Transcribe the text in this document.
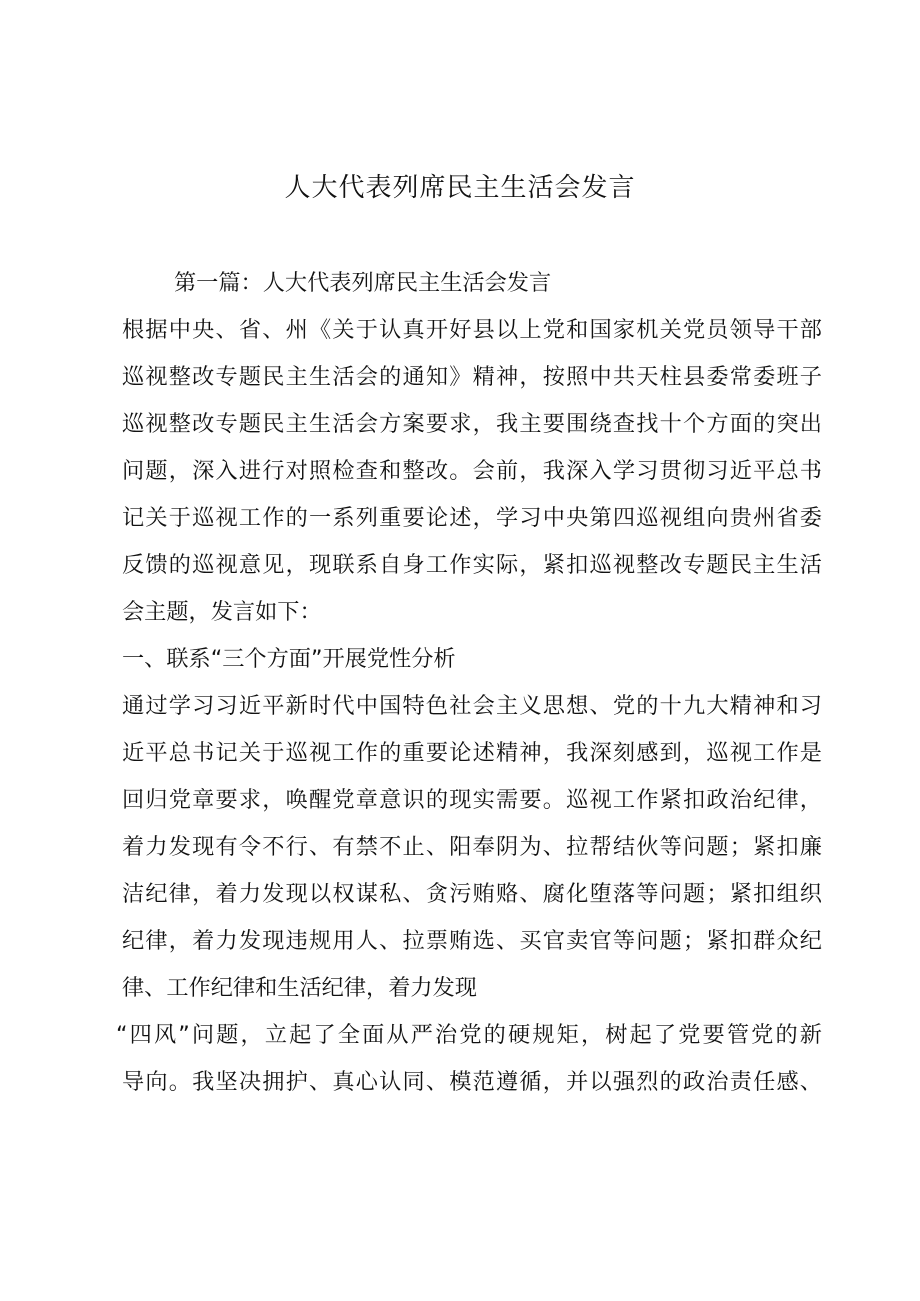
人大代表列席民主生活会发言
第一篇：人大代表列席民主生活会发言
根据中央、省、州《关于认真开好县以上党和国家机关党员领导干部
巡视整改专题民主生活会的通知》精神，按照中共天柱县委常委班子
巡视整改专题民主生活会方案要求，我主要围绕查找十个方面的突出
问题，深入进行对照检查和整改。会前，我深入学习贯彻习近平总书
记关于巡视工作的一系列重要论述，学习中央第四巡视组向贵州省委
反馈的巡视意见，现联系自身工作实际，紧扣巡视整改专题民主生活
会主题，发言如下：
一、联系“三个方面”开展党性分析
通过学习习近平新时代中国特色社会主义思想、党的十九大精神和习
近平总书记关于巡视工作的重要论述精神，我深刻感到，巡视工作是
回归党章要求，唤醒党章意识的现实需要。巡视工作紧扣政治纪律，
着力发现有令不行、有禁不止、阳奉阴为、拉帮结伙等问题；紧扣廉
洁纪律，着力发现以权谋私、贪污贿赂、腐化堕落等问题；紧扣组织
纪律，着力发现违规用人、拉票贿选、买官卖官等问题；紧扣群众纪
律、工作纪律和生活纪律，着力发现
“四风”问题，立起了全面从严治党的硬规矩，树起了党要管党的新
导向。我坚决拥护、真心认同、模范遵循，并以强烈的政治责任感、
